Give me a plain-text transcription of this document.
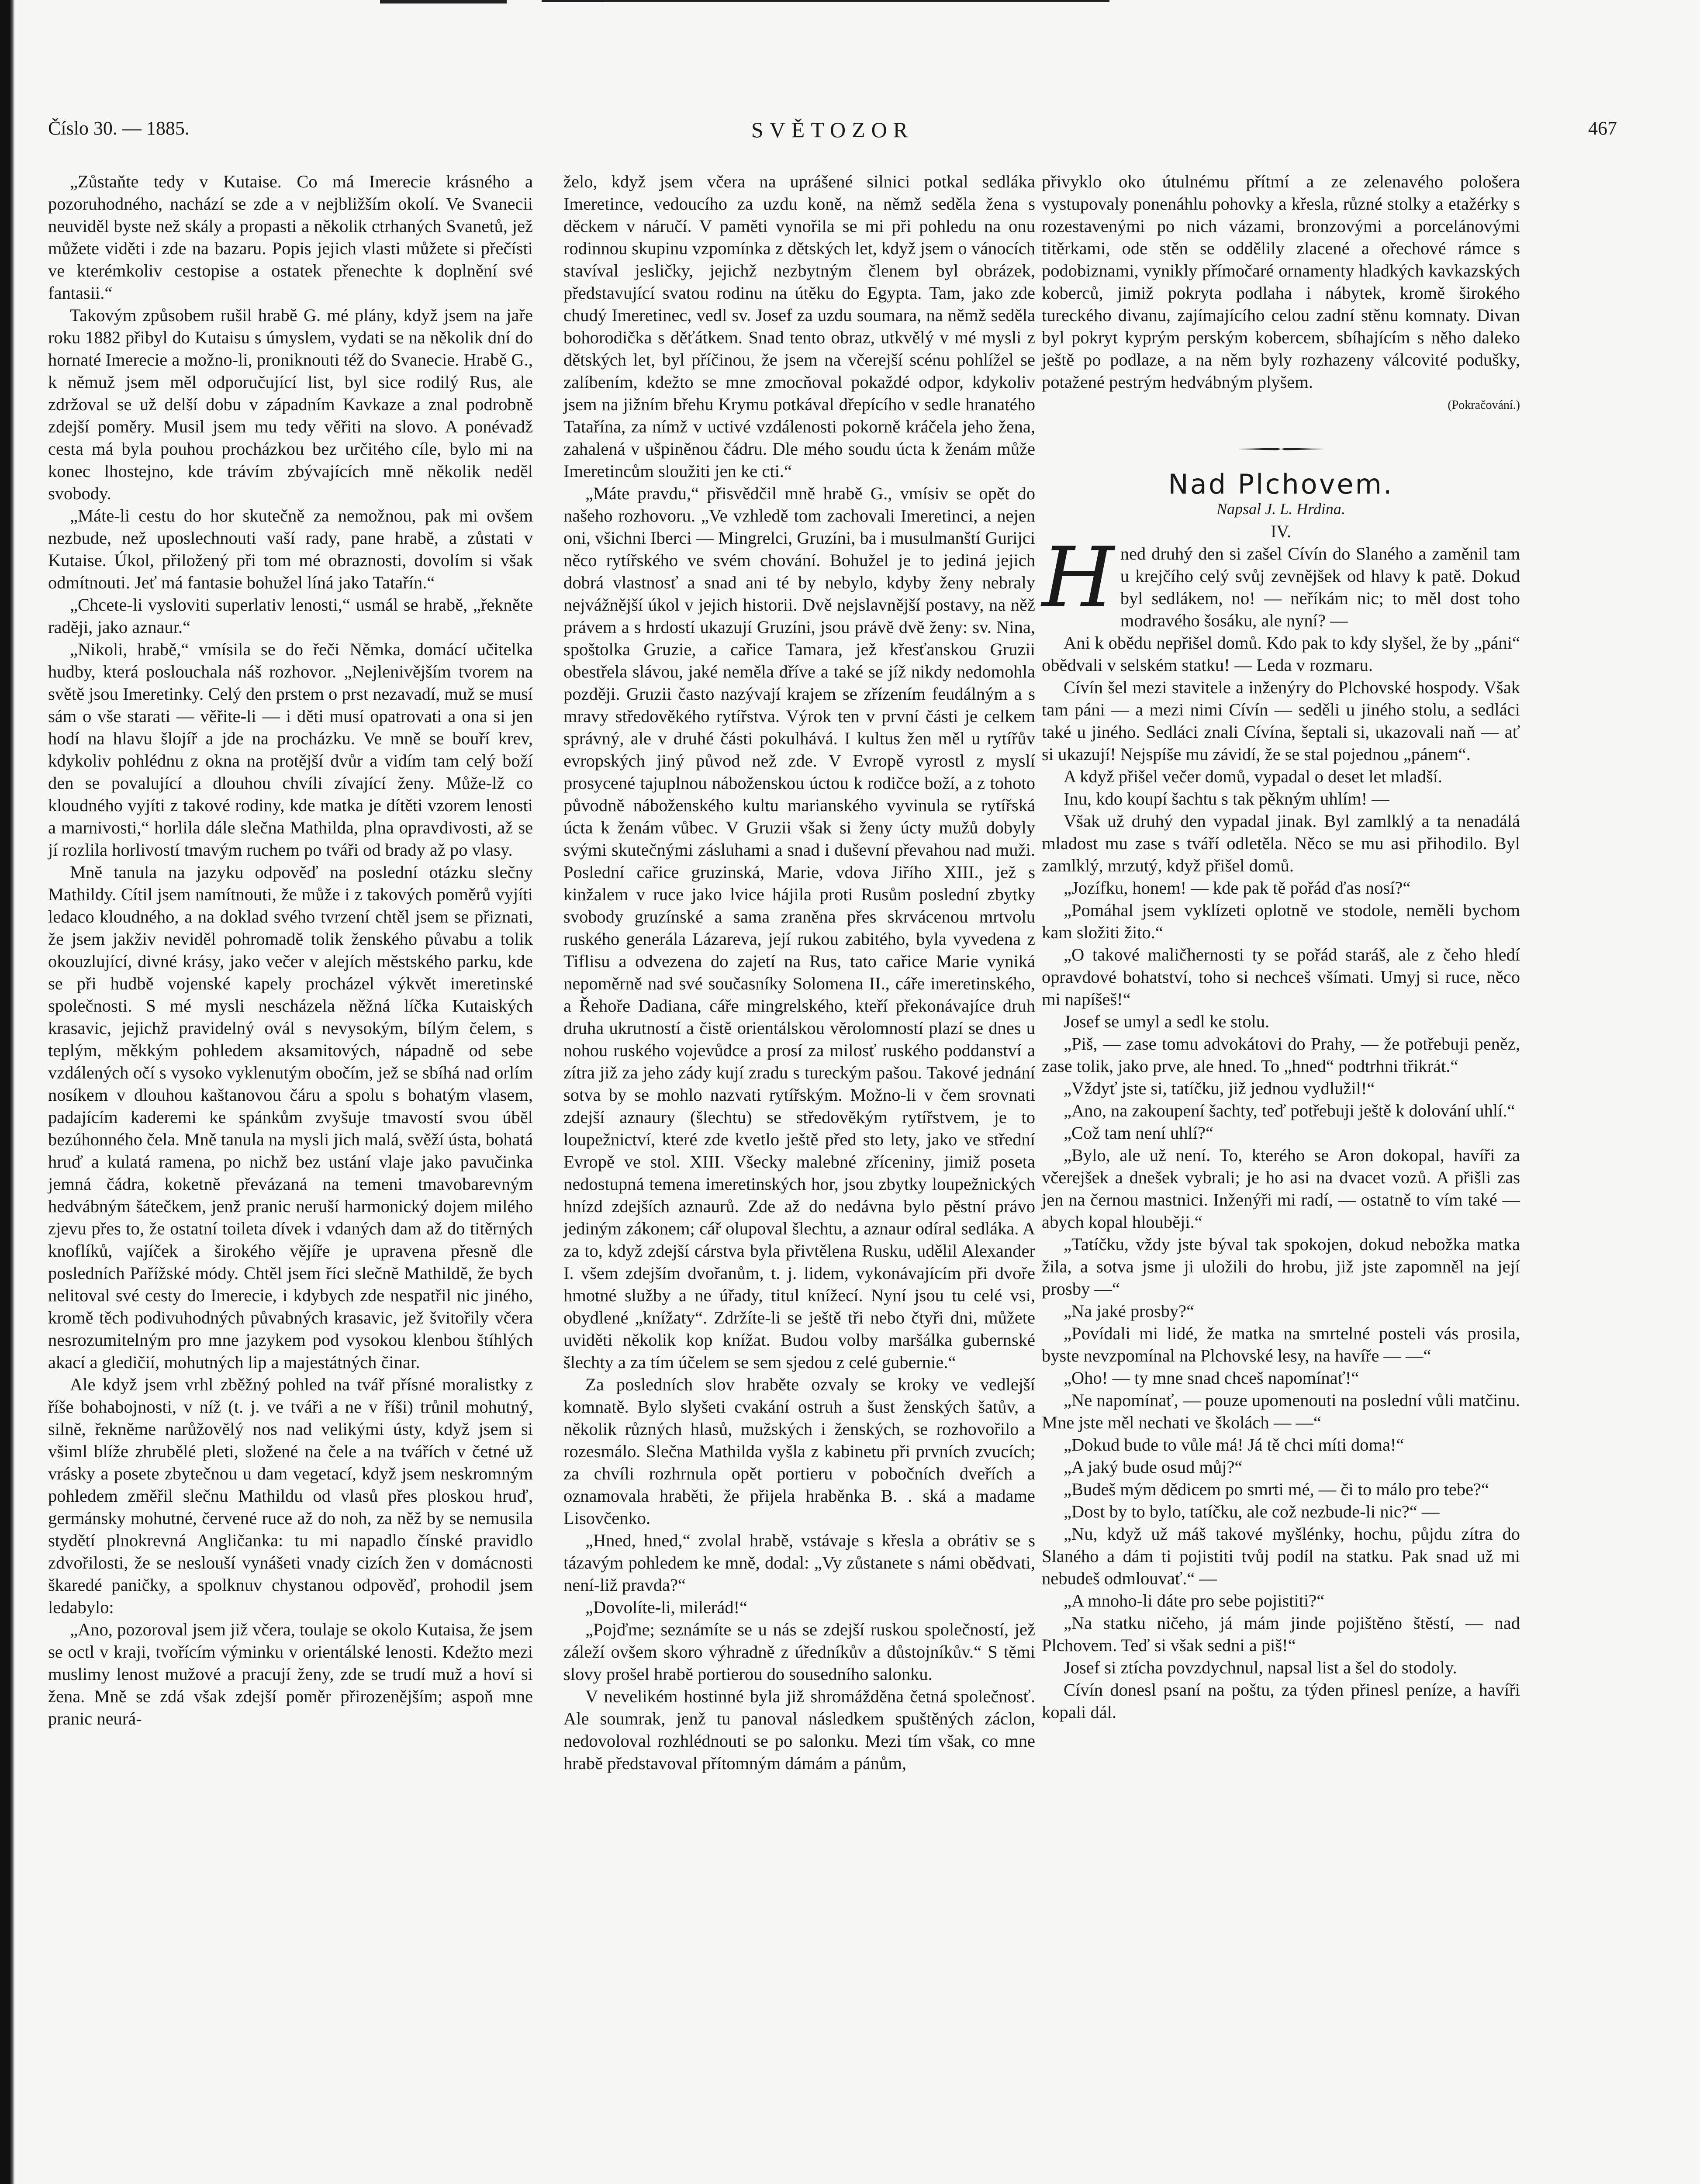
SVĚTOZOR
Číslo 30. — 1885.	467

„Zůstaňte tedy v Kutaise. Co má Imerecie krásného a pozoruhodného, nachází se zde a v nejbližším okolí. Ve Svanecii neuviděl byste než skály a propasti a několik ctrhaných Svanetů, jež můžete viděti i zde na bazaru. Popis jejich vlasti můžete si přečísti ve kterémkoliv cestopise a ostatek přenechte k doplnění své fantasii.“

Takovým způsobem rušil hrabě G. mé plány, když jsem na jaře roku 1882 přibyl do Kutaisu s úmyslem, vydati se na několik dní do hornaté Imerecie a možno-li, proniknouti též do Svanecie. Hrabě G., k němuž jsem měl odporučující list, byl sice rodilý Rus, ale zdržoval se už delší dobu v západním Kavkaze a znal podrobně zdejší poměry. Musil jsem mu tedy věřiti na slovo. A ponévadž cesta má byla pouhou procházkou bez určitého cíle, bylo mi na konec lhostejno, kde trávím zbývajících mně několik neděl svobody.

„Máte-li cestu do hor skutečně za nemožnou, pak mi ovšem nezbude, než uposlechnouti vaší rady, pane hrabě, a zůstati v Kutaise. Úkol, přiložený při tom mé obraznosti, dovolím si však odmítnouti. Jeť má fantasie bohužel líná jako Tatařín.“

„Chcete-li vysloviti superlativ lenosti,“ usmál se hrabě, „řekněte raději, jako aznaur.“

„Nikoli, hrabě,“ vmísila se do řeči Němka, domácí učitelka hudby, která poslouchala náš rozhovor. „Nejlenivějším tvorem na světě jsou Imeretinky. Celý den prstem o prst nezavadí, muž se musí sám o vše starati — věřite-li — i děti musí opatrovati a ona si jen hodí na hlavu šlojíř a jde na procházku. Ve mně se bouří krev, kdykoliv pohlédnu z okna na protější dvůr a vidím tam celý boží den se povalující a dlouhou chvíli zívající ženy. Může-lž co kloudného vyjíti z takové rodiny, kde matka je dítěti vzorem lenosti a marnivosti,“ horlila dále slečna Mathilda, plna opravdivosti, až se jí rozlila horlivostí tmavým ruchem po tváři od brady až po vlasy.

Mně tanula na jazyku odpověď na poslední otázku slečny Mathildy. Cítil jsem namítnouti, že může i z takových poměrů vyjíti ledaco kloudného, a na doklad svého tvrzení chtěl jsem se přiznati, že jsem jakživ neviděl pohromadě tolik ženského půvabu a tolik okouzlující, divné krásy, jako večer v alejích městského parku, kde se při hudbě vojenské kapely procházel výkvět imeretinské společnosti. S mé mysli nescházela něžná líčka Kutaiských krasavic, jejichž pravidelný ovál s nevysokým, bílým čelem, s teplým, měkkým pohledem aksamitových, nápadně od sebe vzdálených očí s vysoko vyklenutým obočím, jež se sbíhá nad orlím nosíkem v dlouhou kaštanovou čáru a spolu s bohatým vlasem, padajícím kaderemi ke spánkům zvyšuje tmavostí svou úběl bezúhonného čela. Mně tanula na mysli jich malá, svěží ústa, bohatá hruď a kulatá ramena, po nichž bez ustání vlaje jako pavučinka jemná čádra, koketně převázaná na temeni tmavobarevným hedvábným šátečkem, jenž pranic neruší harmonický dojem milého zjevu přes to, že ostatní toileta dívek i vdaných dam až do titěrných knoflíků, vajíček a širokého vějíře je upravena přesně dle posledních Pařížské módy. Chtěl jsem říci slečně Mathildě, že bych nelitoval své cesty do Imerecie, i kdybych zde nespatřil nic jiného, kromě těch podivuhodných půvabných krasavic, jež švitořily včera nesrozumitelným pro mne jazykem pod vysokou klenbou štíhlých akací a gledičií, mohutných lip a majestátných činar.

Ale když jsem vrhl zběžný pohled na tvář přísné moralistky z říše bohabojnosti, v níž (t. j. ve tváři a ne v říši) trůnil mohutný, silně, řekněme narůžovělý nos nad velikými ústy, když jsem si všiml blíže zhrubělé pleti, složené na čele a na tvářích v četné už vrásky a posete zbytečnou u dam vegetací, když jsem neskromným pohledem změřil slečnu Mathildu od vlasů přes ploskou hruď, germánsky mohutné, červené ruce až do noh, za něž by se nemusila stydětí plnokrevná Angličanka: tu mi napadlo čínské pravidlo zdvořilosti, že se neslouší vynášeti vnady cizích žen v domácnosti škaredé paničky, a spolknuv chystanou odpověď, prohodil jsem ledabylo:

„Ano, pozoroval jsem již včera, toulaje se okolo Kutaisa, že jsem se octl v kraji, tvořícím výminku v orientálské lenosti. Kdežto mezi muslimy lenost mužové a pracují ženy, zde se trudí muž a hoví si žena. Mně se zdá však zdejší poměr přirozenějším; aspoň mne pranic neurá-

želo, když jsem včera na uprášené silnici potkal sedláka Imeretince, vedoucího za uzdu koně, na němž seděla žena s děckem v náručí. V paměti vynořila se mi při pohledu na onu rodinnou skupinu vzpomínka z dětských let, když jsem o vánocích stavíval jesličky, jejichž nezbytným členem byl obrázek, představující svatou rodinu na útěku do Egypta. Tam, jako zde chudý Imeretinec, vedl sv. Josef za uzdu soumara, na němž seděla bohorodička s děťátkem. Snad tento obraz, utkvělý v mé mysli z dětských let, byl příčinou, že jsem na včerejší scénu pohlížel se zalíbením, kdežto se mne zmocňoval pokaždé odpor, kdykoliv jsem na jižním břehu Krymu potkával dřepícího v sedle hranatého Tatařína, za nímž v uctivé vzdálenosti pokorně kráčela jeho žena, zahalená v ušpiněnou čádru. Dle mého soudu úcta k ženám může Imeretincům sloužiti jen ke cti.“

„Máte pravdu,“ přisvědčil mně hrabě G., vmísiv se opět do našeho rozhovoru. „Ve vzhledě tom zachovali Imeretinci, a nejen oni, všichni Iberci — Mingrelci, Gruzíni, ba i musulmanští Gurijci něco rytířského ve svém chování. Bohužel je to jediná jejich dobrá vlastnosť a snad ani té by nebylo, kdyby ženy nebraly nejvážnější úkol v jejich historii. Dvě nejslavnější postavy, na něž právem a s hrdostí ukazují Gruzíni, jsou právě dvě ženy: sv. Nina, spoštolka Gruzie, a cařice Tamara, jež křesťanskou Gruzii obestřela slávou, jaké neměla dříve a také se jíž nikdy nedomohla později. Gruzii často nazývají krajem se zřízením feudálným a s mravy středověkého rytířstva. Výrok ten v první části je celkem správný, ale v druhé části pokulhává. I kultus žen měl u rytířův evropských jiný původ než zde. V Evropě vyrostl z myslí prosycené tajuplnou náboženskou úctou k rodičce boží, a z tohoto původně náboženského kultu marianského vyvinula se rytířská úcta k ženám vůbec. V Gruzii však si ženy úcty mužů dobyly svými skutečnými zásluhami a snad i duševní převahou nad muži. Poslední cařice gruzinská, Marie, vdova Jiřího XIII., jež s kinžalem v ruce jako lvice hájila proti Rusům poslední zbytky svobody gruzínské a sama zraněna přes skrvácenou mrtvolu ruského generála Lázareva, její rukou zabitého, byla vyvedena z Tiflisu a odvezena do zajetí na Rus, tato cařice Marie vyniká nepoměrně nad své současníky Solomena II., cáře imeretinského, a Řehoře Dadiana, cáře mingrelského, kteří překonávajíce druh druha ukrutností a čistě orientálskou věrolomností plazí se dnes u nohou ruského vojevůdce a prosí za milosť ruského poddanství a zítra již za jeho zády kují zradu s tureckým pašou. Takové jednání sotva by se mohlo nazvati rytířským. Možno-li v čem srovnati zdejší aznaury (šlechtu) se středověkým rytířstvem, je to loupežnictví, které zde kvetlo ještě před sto lety, jako ve střední Evropě ve stol. XIII. Všecky malebné zříceniny, jimiž poseta nedostupná temena imeretinských hor, jsou zbytky loupežnických hnízd zdejších aznaurů. Zde až do nedávna bylo pěstní právo jediným zákonem; cář olupoval šlechtu, a aznaur odíral sedláka. A za to, když zdejší cárstva byla přivtělena Rusku, udělil Alexander I. všem zdejším dvořanům, t. j. lidem, vykonávajícím při dvoře hmotné služby a ne úřady, titul knížecí. Nyní jsou tu celé vsi, obydlené „knížaty“. Zdržíte-li se ještě tři nebo čtyři dni, můžete uviděti několik kop knížat. Budou volby maršálka gubernské šlechty a za tím účelem se sem sjedou z celé gubernie.“

Za posledních slov hraběte ozvaly se kroky ve vedlejší komnatě. Bylo slyšeti cvakání ostruh a šust ženských šatův, a několik různých hlasů, mužských i ženských, se rozhovořilo a rozesmálo. Slečna Mathilda vyšla z kabinetu při prvních zvucích; za chvíli rozhrnula opět portieru v pobočních dveřích a oznamovala hraběti, že přijela hraběnka B. . ská a madame Lisovčenko.

„Hned, hned,“ zvolal hrabě, vstávaje s křesla a obrátiv se s tázavým pohledem ke mně, dodal: „Vy zůstanete s námi obědvati, není-liž pravda?“

„Dovolíte-li, milerád!“

„Pojďme; seznámíte se u nás se zdejší ruskou společností, jež záleží ovšem skoro výhradně z úředníkův a důstojníkův.“ S těmi slovy prošel hrabě portierou do sousedního salonku.

V nevelikém hostinné byla již shromážděna četná společnosť. Ale soumrak, jenž tu panoval následkem spuštěných záclon, nedovoloval rozhlédnouti se po salonku. Mezi tím však, co mne hrabě představoval přítomným dámám a pánům,

přivyklo oko útulnému přítmí a ze zelenavého pološera vystupovaly ponenáhlu pohovky a křesla, různé stolky a etažérky s rozestavenými po nich vázami, bronzovými a porcelánovými titěrkami, ode stěn se oddělily zlacené a ořechové rámce s podobiznami, vynikly přímočaré ornamenty hladkých kavkazských koberců, jimiž pokryta podlaha i nábytek, kromě širokého tureckého divanu, zajímajícího celou zadní stěnu komnaty. Divan byl pokryt kyprým perským kobercem, sbíhajícím s něho daleko ještě po podlaze, a na něm byly rozhazeny válcovité podušky, potažené pestrým hedvábným plyšem.

(Pokračování.)

Nad Plchovem.

Napsal J. L. Hrdina.

IV.

Hned druhý den si zašel Cívín do Slaného a zaměnil tam u krejčího celý svůj zevnějšek od hlavy k patě. Dokud byl sedlákem, no! — neříkám nic; to měl dost toho modravého šosáku, ale nyní? —

Ani k obědu nepřišel domů. Kdo pak to kdy slyšel, že by „páni“ obědvali v selském statku! — Leda v rozmaru.

Cívín šel mezi stavitele a inženýry do Plchovské hospody. Však tam páni — a mezi nimi Cívín — seděli u jiného stolu, a sedláci také u jiného. Sedláci znali Cívína, šeptali si, ukazovali naň — ať si ukazují! Nejspíše mu závidí, že se stal pojednou „pánem“.

A když přišel večer domů, vypadal o deset let mladší.

Inu, kdo koupí šachtu s tak pěkným uhlím! —

Však už druhý den vypadal jinak. Byl zamlklý a ta nenadálá mladost mu zase s tváří odletěla. Něco se mu asi přihodilo. Byl zamlklý, mrzutý, když přišel domů.

„Jozífku, honem! — kde pak tě pořád ďas nosí?“

„Pomáhal jsem vyklízeti oplotně ve stodole, neměli bychom kam složiti žito.“

„O takové maličhernosti ty se pořád staráš, ale z čeho hledí opravdové bohatství, toho si nechceš všímati. Umyj si ruce, něco mi napíšeš!“

Josef se umyl a sedl ke stolu.

„Piš, — zase tomu advokátovi do Prahy, — že potřebuji peněz, zase tolik, jako prve, ale hned. To „hned“ podtrhni třikrát.“

„Vždyť jste si, tatíčku, již jednou vydlužil!“

„Ano, na zakoupení šachty, teď potřebuji ještě k dolování uhlí.“

„Což tam není uhlí?“

„Bylo, ale už není. To, kterého se Aron dokopal, havíři za včerejšek a dnešek vybrali; je ho asi na dvacet vozů. A přišli zas jen na černou mastnici. Inženýři mi radí, — ostatně to vím také — abych kopal hlouběji.“

„Tatíčku, vždy jste býval tak spokojen, dokud nebožka matka žila, a sotva jsme ji uložili do hrobu, již jste zapomněl na její prosby —“

„Na jaké prosby?“

„Povídali mi lidé, že matka na smrtelné posteli vás prosila, byste nevzpomínal na Plchovské lesy, na havíře — —“

„Oho! — ty mne snad chceš napomínať!“

„Ne napomínať, — pouze upomenouti na poslední vůli matčinu. Mne jste měl nechati ve školách — —“

„Dokud bude to vůle má! Já tě chci míti doma!“

„A jaký bude osud můj?“

„Budeš mým dědicem po smrti mé, — či to málo pro tebe?“

„Dost by to bylo, tatíčku, ale což nezbude-li nic?“ —

„Nu, když už máš takové myšlénky, hochu, půjdu zítra do Slaného a dám ti pojistiti tvůj podíl na statku. Pak snad už mi nebudeš odmlouvať.“ —

„A mnoho-li dáte pro sebe pojistiti?“

„Na statku ničeho, já mám jinde pojištěno štěstí, — nad Plchovem. Teď si však sedni a piš!“

Josef si ztícha povzdychnul, napsal list a šel do stodoly.

Cívín donesl psaní na poštu, za týden přinesl peníze, a havíři kopali dál.
